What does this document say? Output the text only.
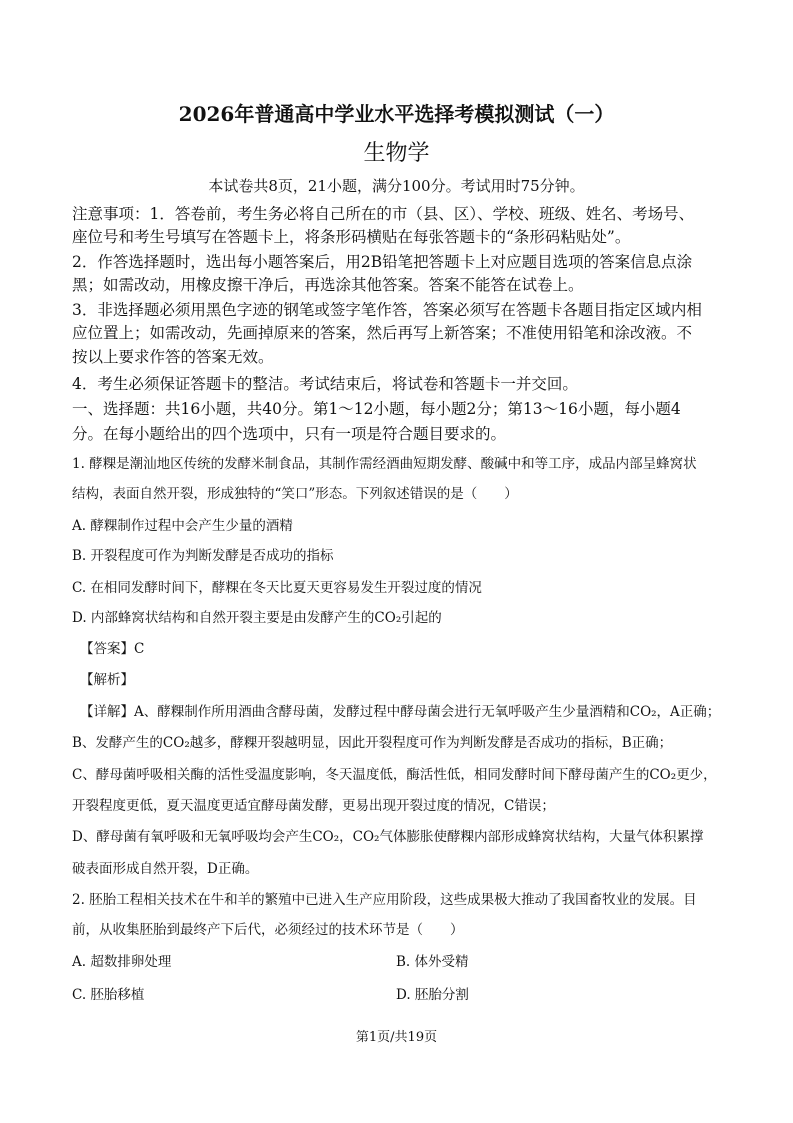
2026年普通高中学业水平选择考模拟测试（一）
生物学
本试卷共8页，21小题，满分100分。考试用时75分钟。
注意事项：1．答卷前，考生务必将自己所在的市（县、区）、学校、班级、姓名、考场号、
座位号和考生号填写在答题卡上，将条形码横贴在每张答题卡的“条形码粘贴处”。
2．作答选择题时，选出每小题答案后，用2B铅笔把答题卡上对应题目选项的答案信息点涂
黑；如需改动，用橡皮擦干净后，再选涂其他答案。答案不能答在试卷上。
3．非选择题必须用黑色字迹的钢笔或签字笔作答，答案必须写在答题卡各题目指定区域内相
应位置上；如需改动，先画掉原来的答案，然后再写上新答案；不准使用铅笔和涂改液。不
按以上要求作答的答案无效。
4．考生必须保证答题卡的整洁。考试结束后，将试卷和答题卡一并交回。
一、选择题：共16小题，共40分。第1～12小题，每小题2分；第13～16小题，每小题4
分。在每小题给出的四个选项中，只有一项是符合题目要求的。
1. 酵粿是潮汕地区传统的发酵米制食品，其制作需经酒曲短期发酵、酸碱中和等工序，成品内部呈蜂窝状
结构，表面自然开裂，形成独特的“笑口”形态。下列叙述错误的是（　　）
A. 酵粿制作过程中会产生少量的酒精
B. 开裂程度可作为判断发酵是否成功的指标
C. 在相同发酵时间下，酵粿在冬天比夏天更容易发生开裂过度的情况
D. 内部蜂窝状结构和自然开裂主要是由发酵产生的CO₂引起的
【答案】C
【解析】
【详解】A、酵粿制作所用酒曲含酵母菌，发酵过程中酵母菌会进行无氧呼吸产生少量酒精和CO₂，A正确；
B、发酵产生的CO₂越多，酵粿开裂越明显，因此开裂程度可作为判断发酵是否成功的指标，B正确；
C、酵母菌呼吸相关酶的活性受温度影响，冬天温度低，酶活性低，相同发酵时间下酵母菌产生的CO₂更少，
开裂程度更低，夏天温度更适宜酵母菌发酵，更易出现开裂过度的情况，C错误；
D、酵母菌有氧呼吸和无氧呼吸均会产生CO₂，CO₂气体膨胀使酵粿内部形成蜂窝状结构，大量气体积累撑
破表面形成自然开裂，D正确。
2. 胚胎工程相关技术在牛和羊的繁殖中已进入生产应用阶段，这些成果极大推动了我国畜牧业的发展。目
前，从收集胚胎到最终产下后代，必须经过的技术环节是（　　）
A. 超数排卵处理	B. 体外受精
C. 胚胎移植	D. 胚胎分割
第1页/共19页
